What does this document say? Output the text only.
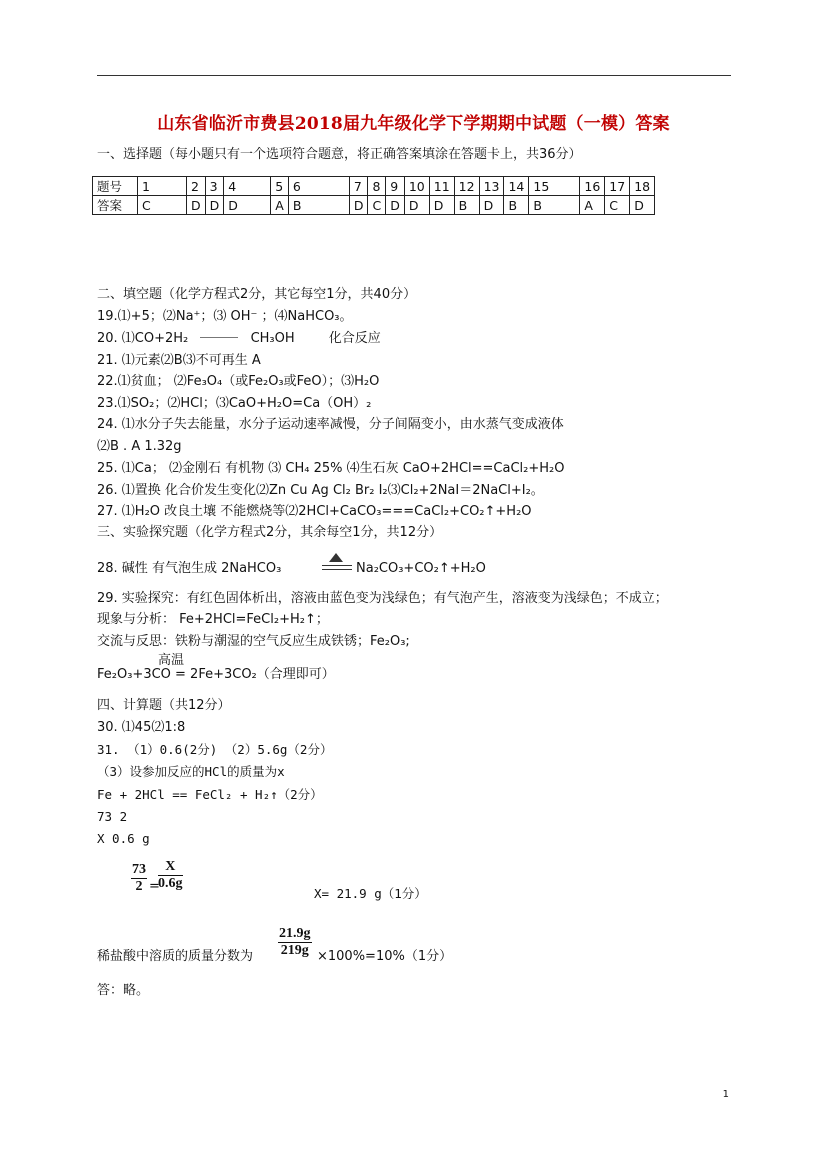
山东省临沂市费县2018届九年级化学下学期期中试题（一模）答案
一、选择题（每小题只有一个选项符合题意，将正确答案填涂在答题卡上，共36分）
题号	1	2	3	4	5	6	7	8	9	10	11	12	13	14	15	16	17	18
答案	C	D	D	D	A	B	D	C	D	D	D	B	D	B	B	A	C	D
二、填空题（化学方程式2分，其它每空1分，共40分）
19.⑴+5；⑵Na⁺；⑶ OH⁻ ；⑷NaHCO₃。
20. ⑴CO+2H₂	CH₃OH	化合反应
21. ⑴元素⑵B⑶不可再生 A
22.⑴贫血； ⑵Fe₃O₄（或Fe₂O₃或FeO）；⑶H₂O
23.⑴SO₂；⑵HCl；⑶CaO+H₂O=Ca（OH）₂
24. ⑴水分子失去能量，水分子运动速率减慢，分子间隔变小，由水蒸气变成液体
⑵B . A 1.32g
25. ⑴Ca； ⑵金刚石 有机物 ⑶ CH₄ 25% ⑷生石灰 CaO+2HCl==CaCl₂+H₂O
26. ⑴置换 化合价发生变化⑵Zn Cu Ag Cl₂ Br₂ I₂⑶Cl₂+2NaI＝2NaCl+I₂。
27. ⑴H₂O 改良土壤 不能燃烧等⑵2HCl+CaCO₃===CaCl₂+CO₂↑+H₂O
三、实验探究题（化学方程式2分，其余每空1分，共12分）
28. 碱性 有气泡生成 2NaHCO₃	Na₂CO₃+CO₂↑+H₂O
29. 实验探究：有红色固体析出，溶液由蓝色变为浅绿色；有气泡产生，溶液变为浅绿色；不成立；
现象与分析： Fe+2HCl=FeCl₂+H₂↑；
交流与反思：铁粉与潮湿的空气反应生成铁锈；Fe₂O₃;
高温
Fe₂O₃+3CO = 2Fe+3CO₂（合理即可）
四、计算题（共12分）
30. ⑴45⑵1:8
31. （1）0.6(2分) （2）5.6g（2分）
（3）设参加反应的HCl的质量为x
Fe + 2HCl == FeCl₂ + H₂↑（2分）
73 2
X 0.6 g
$\frac{73}{2}$ =
$\frac{X}{0.6g}$
X= 21.9 g（1分）
$\frac{21.9g}{219g}$
稀盐酸中溶质的质量分数为	×100%=10%（1分）
答：略。
1
